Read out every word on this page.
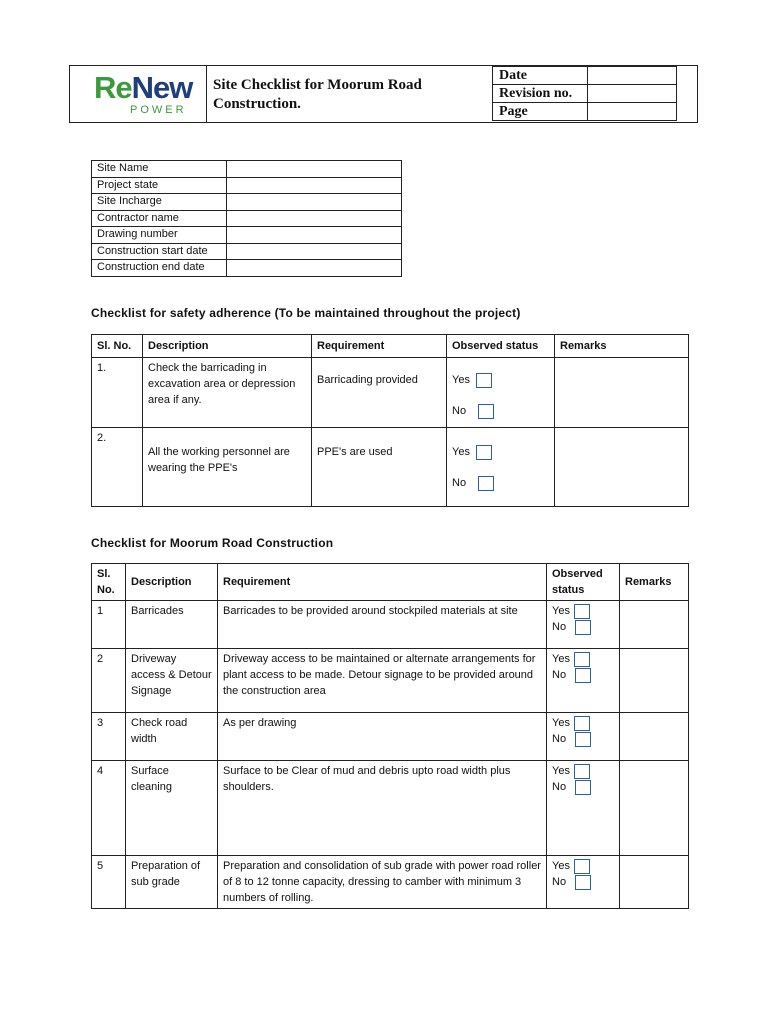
ReNew
POWER
Site Checklist for Moorum Road Construction.
Date	
Revision no.	
Page	
Site Name	
Project state	
Site Incharge	
Contractor name	
Drawing number	
Construction start date	
Construction end date	
Checklist for safety adherence (To be maintained throughout the project)
Sl. No.	Description	Requirement	Observed status	Remarks
1.	Check the barricading in excavation area or depression area if any.	Barricading provided	Yes
No	

2.	All the working personnel are wearing the PPE's	PPE's are used	Yes
No	

Checklist for Moorum Road Construction
Sl. No.	Description	Requirement	Observed status	Remarks
1	Barricades	Barricades to be provided around stockpiled materials at site	Yes
No	

2	Driveway access & Detour Signage	Driveway access to be maintained or alternate arrangements for plant access to be made. Detour signage to be provided around the construction area	Yes
No	

3	Check road width	As per drawing	Yes
No	

4	Surface cleaning	Surface to be Clear of mud and debris upto road width plus shoulders.	Yes
No	

5	Preparation of sub grade	Preparation and consolidation of sub grade with power road roller of 8 to 12 tonne capacity, dressing to camber with minimum 3 numbers of rolling.	Yes
No	
